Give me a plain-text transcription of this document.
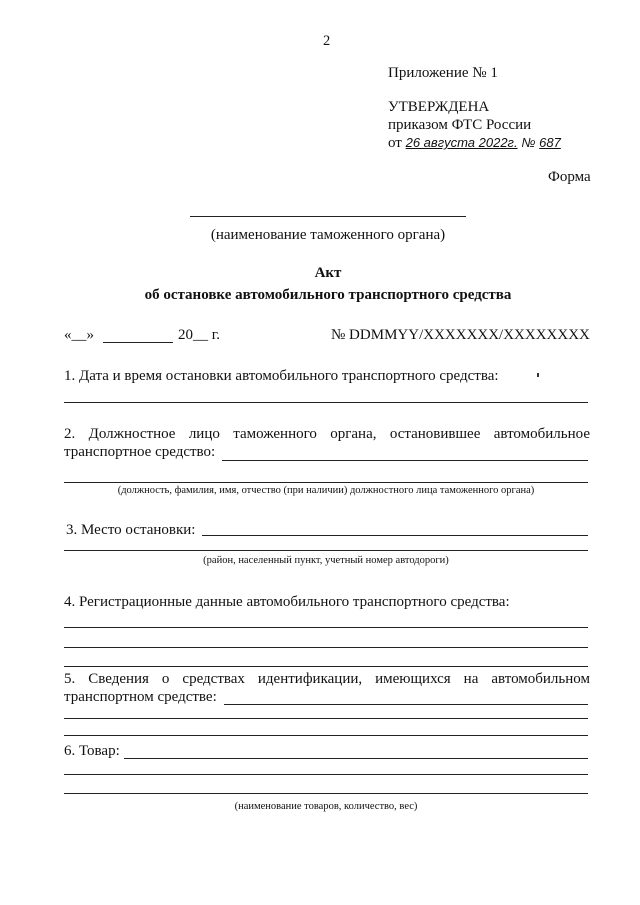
2
Приложение № 1
УТВЕРЖДЕНА
приказом ФТС России
от 26 августа 2022г. № 687
Форма
(наименование таможенного органа)
Акт
об остановке автомобильного транспортного средства
«__»	20__ г.	№ DDMMYY/XXXXXXX/XXXXXXXX
1. Дата и время остановки автомобильного транспортного средства:
2. Должностное лицо таможенного органа, остановившее автомобильное
транспортное средство:
(должность, фамилия, имя, отчество (при наличии) должностного лица таможенного органа)
3. Место остановки:
(район, населенный пункт, учетный номер автодороги)
4. Регистрационные данные автомобильного транспортного средства:
5. Сведения о средствах идентификации, имеющихся на автомобильном
транспортном средстве:
6. Товар:
(наименование товаров, количество, вес)
